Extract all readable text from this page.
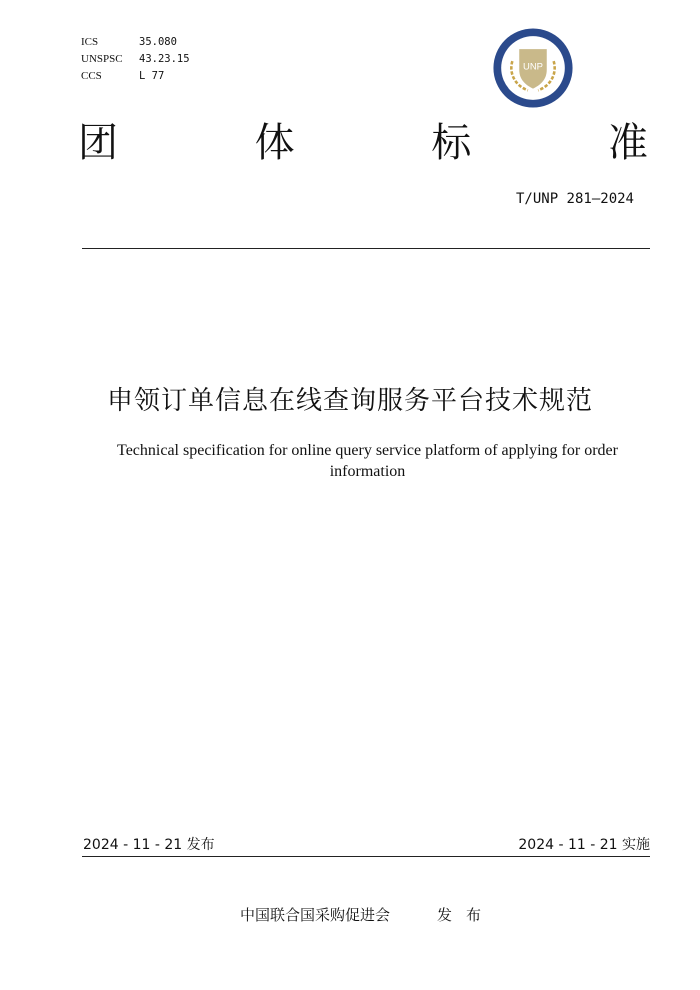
ICS	35.080
UNSPSC	43.23.15
CCS	L 77
UNP
团	体	标	准
T/UNP 281—2024
申领订单信息在线查询服务平台技术规范
Technical specification for online query service platform of applying for order information
2024 - 11 - 21 发布	2024 - 11 - 21 实施
中国联合国采购促进会	发布
